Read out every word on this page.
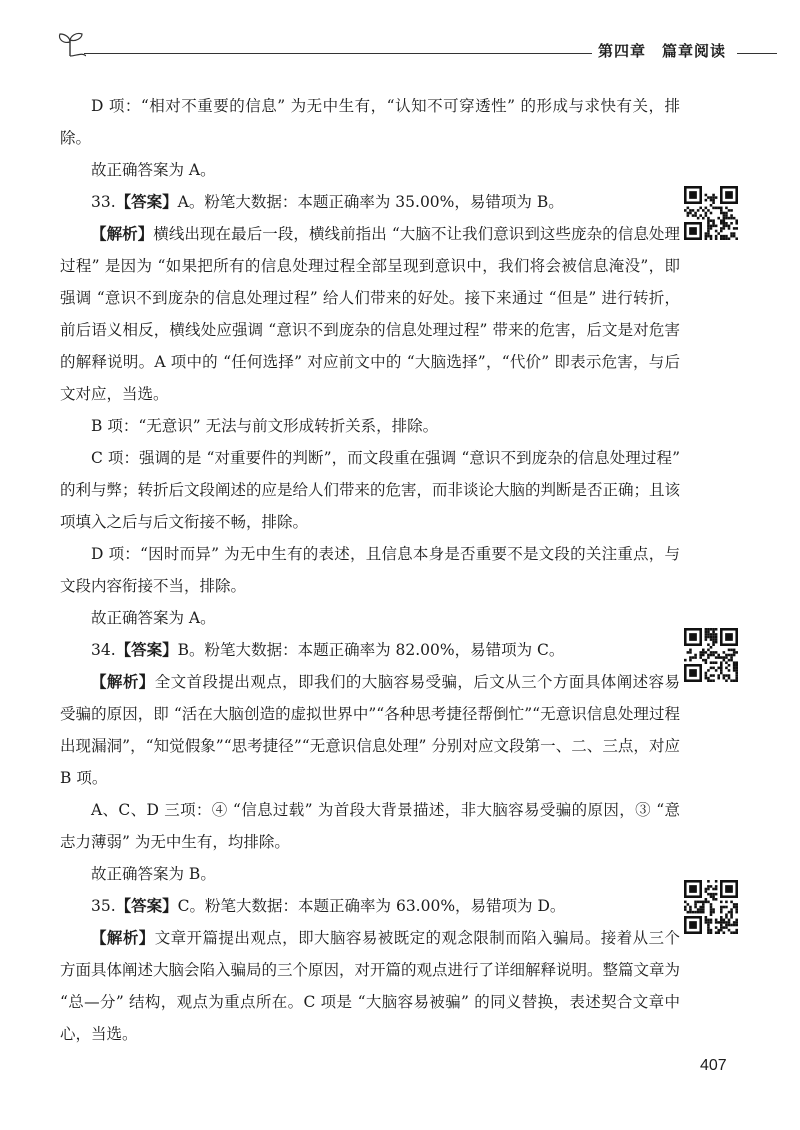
第四章 篇章阅读

D 项：“相对不重要的信息” 为无中生有，“认知不可穿透性” 的形成与求快有关，排除。

故正确答案为 A。

33.【答案】A。粉笔大数据：本题正确率为 35.00%，易错项为 B。

【解析】横线出现在最后一段，横线前指出 “大脑不让我们意识到这些庞杂的信息处理过程” 是因为 “如果把所有的信息处理过程全部呈现到意识中，我们将会被信息淹没”，即强调 “意识不到庞杂的信息处理过程” 给人们带来的好处。接下来通过 “但是” 进行转折，前后语义相反，横线处应强调 “意识不到庞杂的信息处理过程” 带来的危害，后文是对危害的解释说明。A 项中的 “任何选择” 对应前文中的 “大脑选择”，“代价” 即表示危害，与后文对应，当选。

B 项：“无意识” 无法与前文形成转折关系，排除。

C 项：强调的是 “对重要件的判断”，而文段重在强调 “意识不到庞杂的信息处理过程” 的利与弊；转折后文段阐述的应是给人们带来的危害，而非谈论大脑的判断是否正确；且该项填入之后与后文衔接不畅，排除。

D 项：“因时而异” 为无中生有的表述，且信息本身是否重要不是文段的关注重点，与文段内容衔接不当，排除。

故正确答案为 A。

34.【答案】B。粉笔大数据：本题正确率为 82.00%，易错项为 C。

【解析】全文首段提出观点，即我们的大脑容易受骗，后文从三个方面具体阐述容易受骗的原因，即 “活在大脑创造的虚拟世界中”“各种思考捷径帮倒忙”“无意识信息处理过程出现漏洞”，“知觉假象”“思考捷径”“无意识信息处理” 分别对应文段第一、二、三点，对应 B 项。

A、C、D 三项：④ “信息过载” 为首段大背景描述，非大脑容易受骗的原因，③ “意志力薄弱” 为无中生有，均排除。

故正确答案为 B。

35.【答案】C。粉笔大数据：本题正确率为 63.00%，易错项为 D。

【解析】文章开篇提出观点，即大脑容易被既定的观念限制而陷入骗局。接着从三个方面具体阐述大脑会陷入骗局的三个原因，对开篇的观点进行了详细解释说明。整篇文章为 “总—分” 结构，观点为重点所在。C 项是 “大脑容易被骗” 的同义替换，表述契合文章中心，当选。

407
